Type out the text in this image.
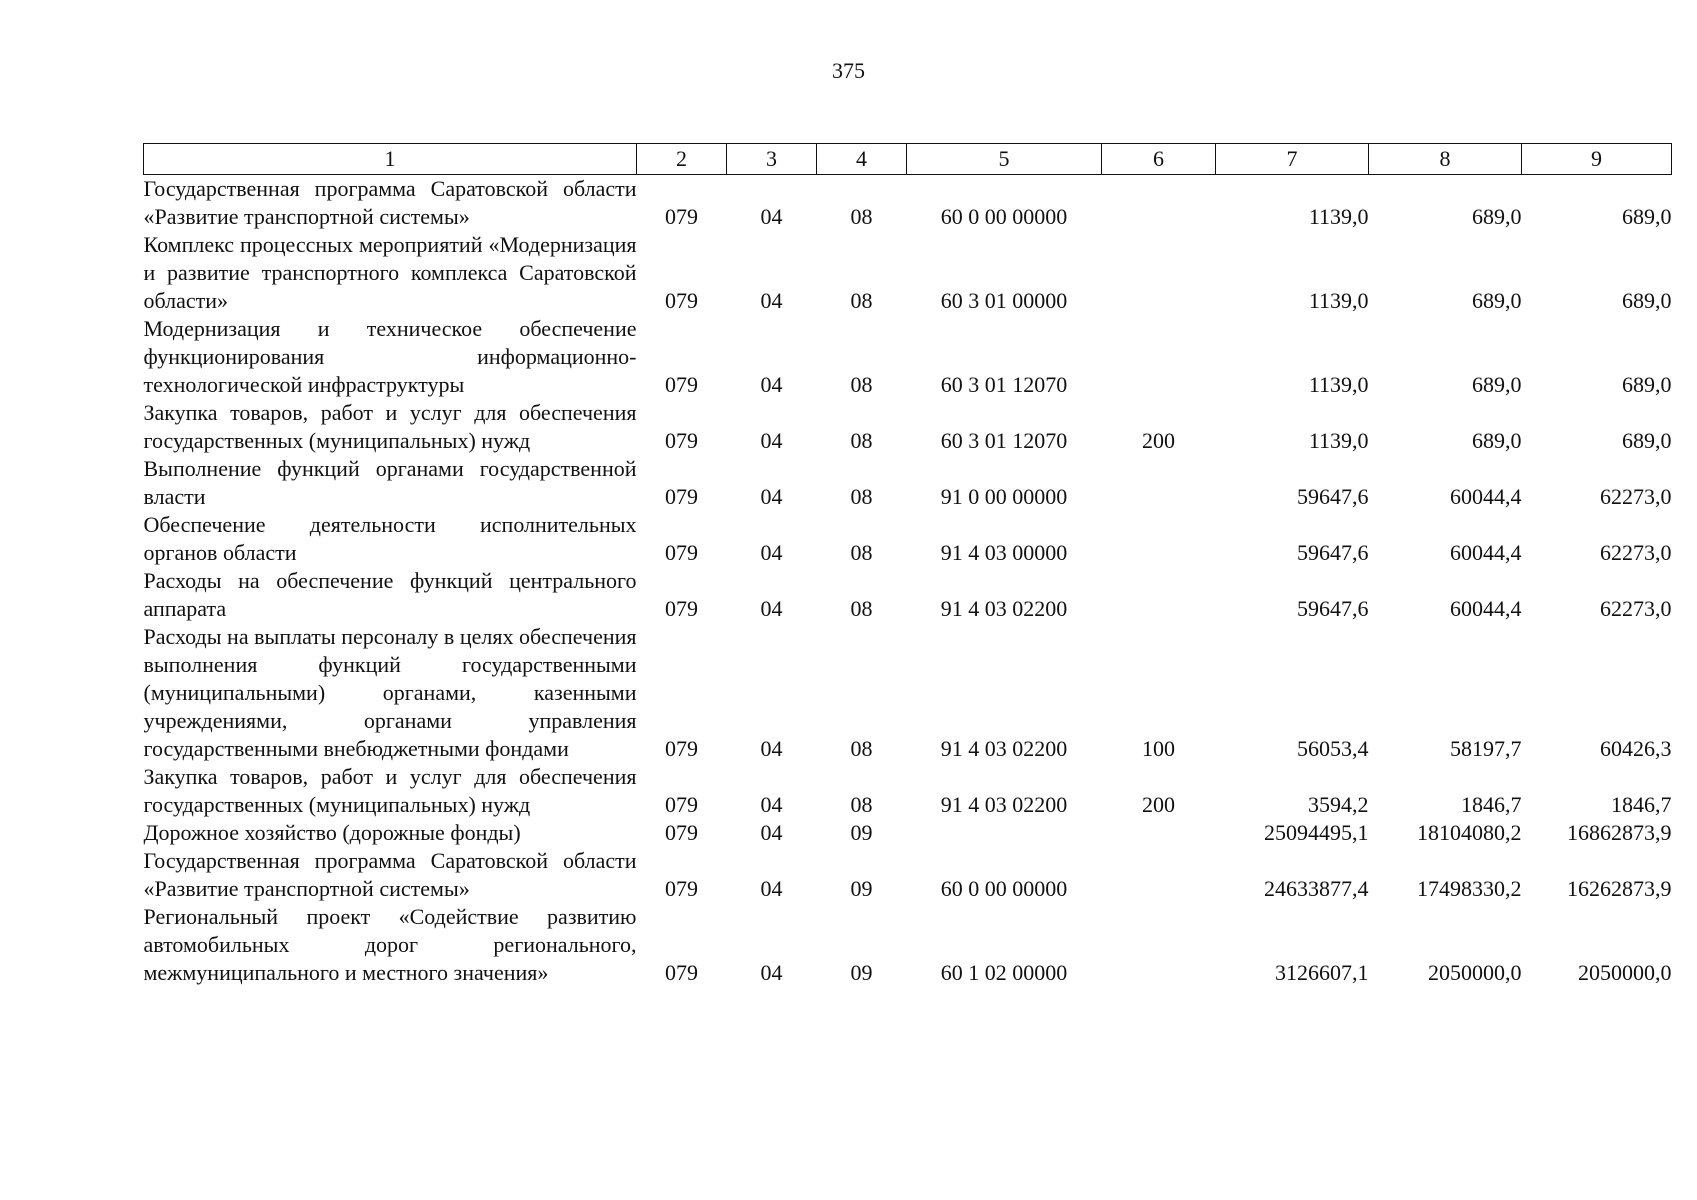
375
1	2	3	4	5	6	7	8	9
Государственная программа Саратовской области «Развитие транспортной системы»	079	04	08	60 0 00 00000		1139,0	689,0	689,0
Комплекс процессных мероприятий «Модернизация и развитие транспортного комплекса Саратовской области»	079	04	08	60 3 01 00000		1139,0	689,0	689,0
Модернизация и техническое обеспечение функционирования информационно-технологической инфраструктуры	079	04	08	60 3 01 12070		1139,0	689,0	689,0
Закупка товаров, работ и услуг для обеспечения государственных (муниципальных) нужд	079	04	08	60 3 01 12070	200	1139,0	689,0	689,0
Выполнение функций органами государственной власти	079	04	08	91 0 00 00000		59647,6	60044,4	62273,0
Обеспечение деятельности исполнительных органов области	079	04	08	91 4 03 00000		59647,6	60044,4	62273,0
Расходы на обеспечение функций центрального аппарата	079	04	08	91 4 03 02200		59647,6	60044,4	62273,0
Расходы на выплаты персоналу в целях обеспечения выполнения функций государственными (муниципальными) органами, казенными учреждениями, органами управления государственными внебюджетными фондами	079	04	08	91 4 03 02200	100	56053,4	58197,7	60426,3
Закупка товаров, работ и услуг для обеспечения государственных (муниципальных) нужд	079	04	08	91 4 03 02200	200	3594,2	1846,7	1846,7
Дорожное хозяйство (дорожные фонды)	079	04	09			25094495,1	18104080,2	16862873,9
Государственная программа Саратовской области «Развитие транспортной системы»	079	04	09	60 0 00 00000		24633877,4	17498330,2	16262873,9
Региональный проект «Содействие развитию автомобильных дорог регионального, межмуниципального и местного значения»	079	04	09	60 1 02 00000		3126607,1	2050000,0	2050000,0
